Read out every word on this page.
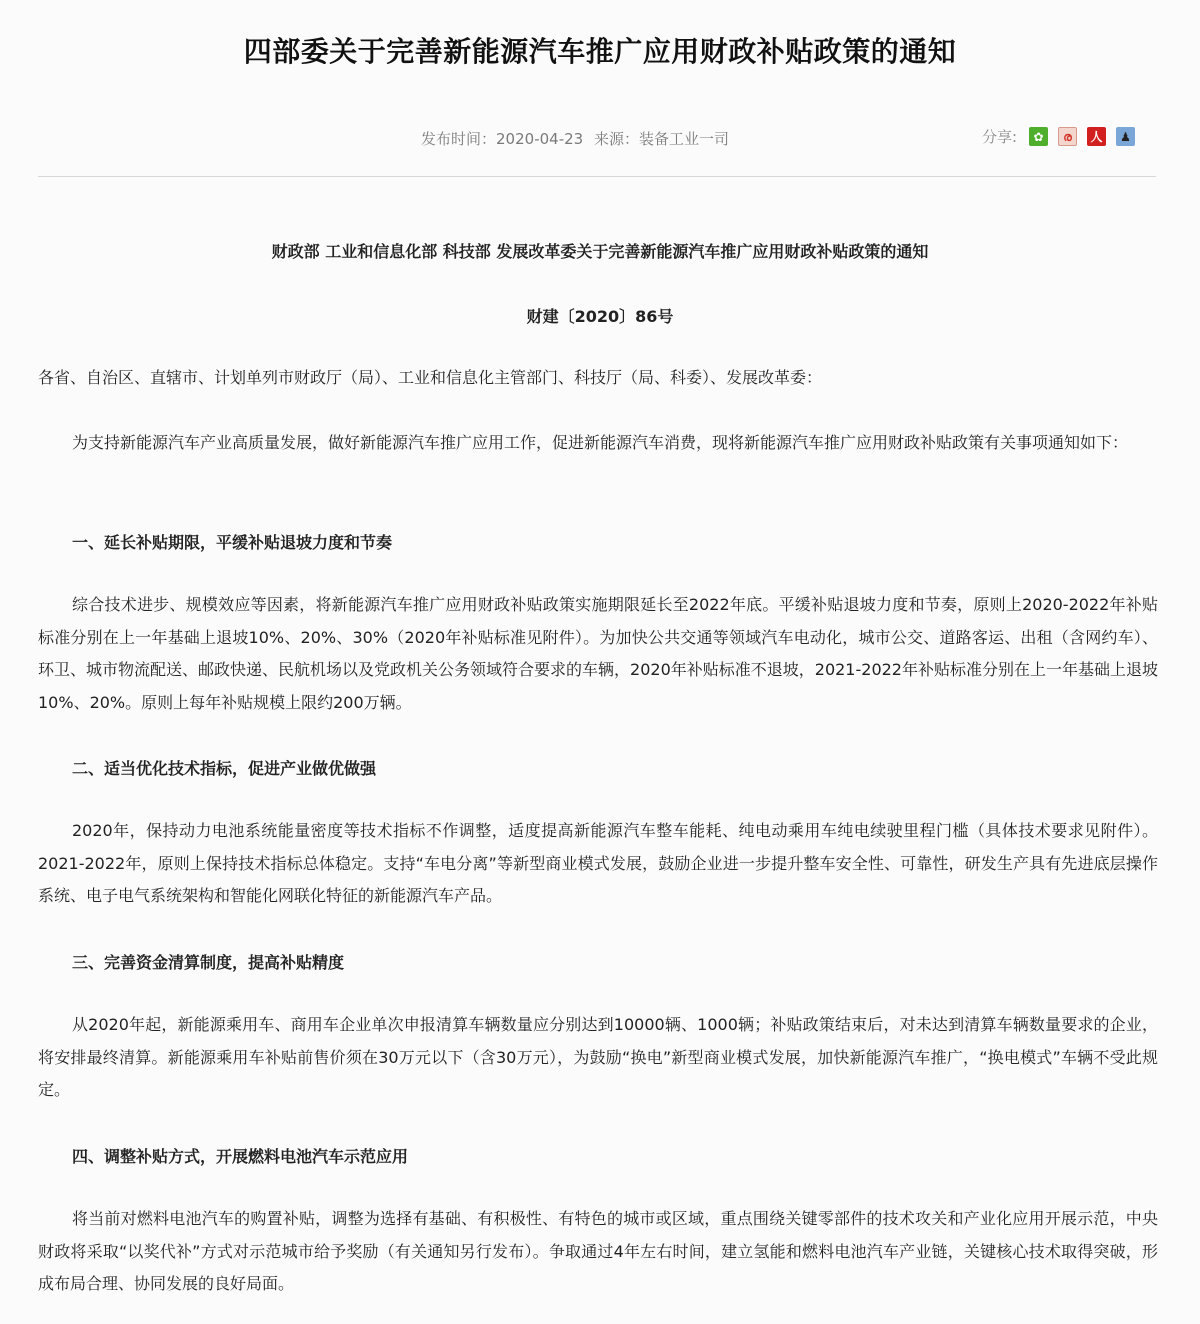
四部委关于完善新能源汽车推广应用财政补贴政策的通知
发布时间：2020-04-23 来源：装备工业一司	分享: ✿ ര 人 ♟
财政部 工业和信息化部 科技部 发展改革委关于完善新能源汽车推广应用财政补贴政策的通知
财建〔2020〕86号
各省、自治区、直辖市、计划单列市财政厅（局）、工业和信息化主管部门、科技厅（局、科委）、发展改革委：
为支持新能源汽车产业高质量发展，做好新能源汽车推广应用工作，促进新能源汽车消费，现将新能源汽车推广应用财政补贴政策有关事项通知如下：
一、延长补贴期限，平缓补贴退坡力度和节奏
综合技术进步、规模效应等因素，将新能源汽车推广应用财政补贴政策实施期限延长至2022年底。平缓补贴退坡力度和节奏，原则上2020-2022年补贴标准分别在上一年基础上退坡10%、20%、30%（2020年补贴标准见附件）。为加快公共交通等领域汽车电动化，城市公交、道路客运、出租（含网约车）、环卫、城市物流配送、邮政快递、民航机场以及党政机关公务领域符合要求的车辆，2020年补贴标准不退坡，2021-2022年补贴标准分别在上一年基础上退坡10%、20%。原则上每年补贴规模上限约200万辆。
二、适当优化技术指标，促进产业做优做强
2020年，保持动力电池系统能量密度等技术指标不作调整，适度提高新能源汽车整车能耗、纯电动乘用车纯电续驶里程门槛（具体技术要求见附件）。2021-2022年，原则上保持技术指标总体稳定。支持“车电分离”等新型商业模式发展，鼓励企业进一步提升整车安全性、可靠性，研发生产具有先进底层操作系统、电子电气系统架构和智能化网联化特征的新能源汽车产品。
三、完善资金清算制度，提高补贴精度
从2020年起，新能源乘用车、商用车企业单次申报清算车辆数量应分别达到10000辆、1000辆；补贴政策结束后，对未达到清算车辆数量要求的企业，将安排最终清算。新能源乘用车补贴前售价须在30万元以下（含30万元），为鼓励“换电”新型商业模式发展，加快新能源汽车推广，“换电模式”车辆不受此规定。
四、调整补贴方式，开展燃料电池汽车示范应用
将当前对燃料电池汽车的购置补贴，调整为选择有基础、有积极性、有特色的城市或区域，重点围绕关键零部件的技术攻关和产业化应用开展示范，中央财政将采取“以奖代补”方式对示范城市给予奖励（有关通知另行发布）。争取通过4年左右时间，建立氢能和燃料电池汽车产业链，关键核心技术取得突破，形成布局合理、协同发展的良好局面。
